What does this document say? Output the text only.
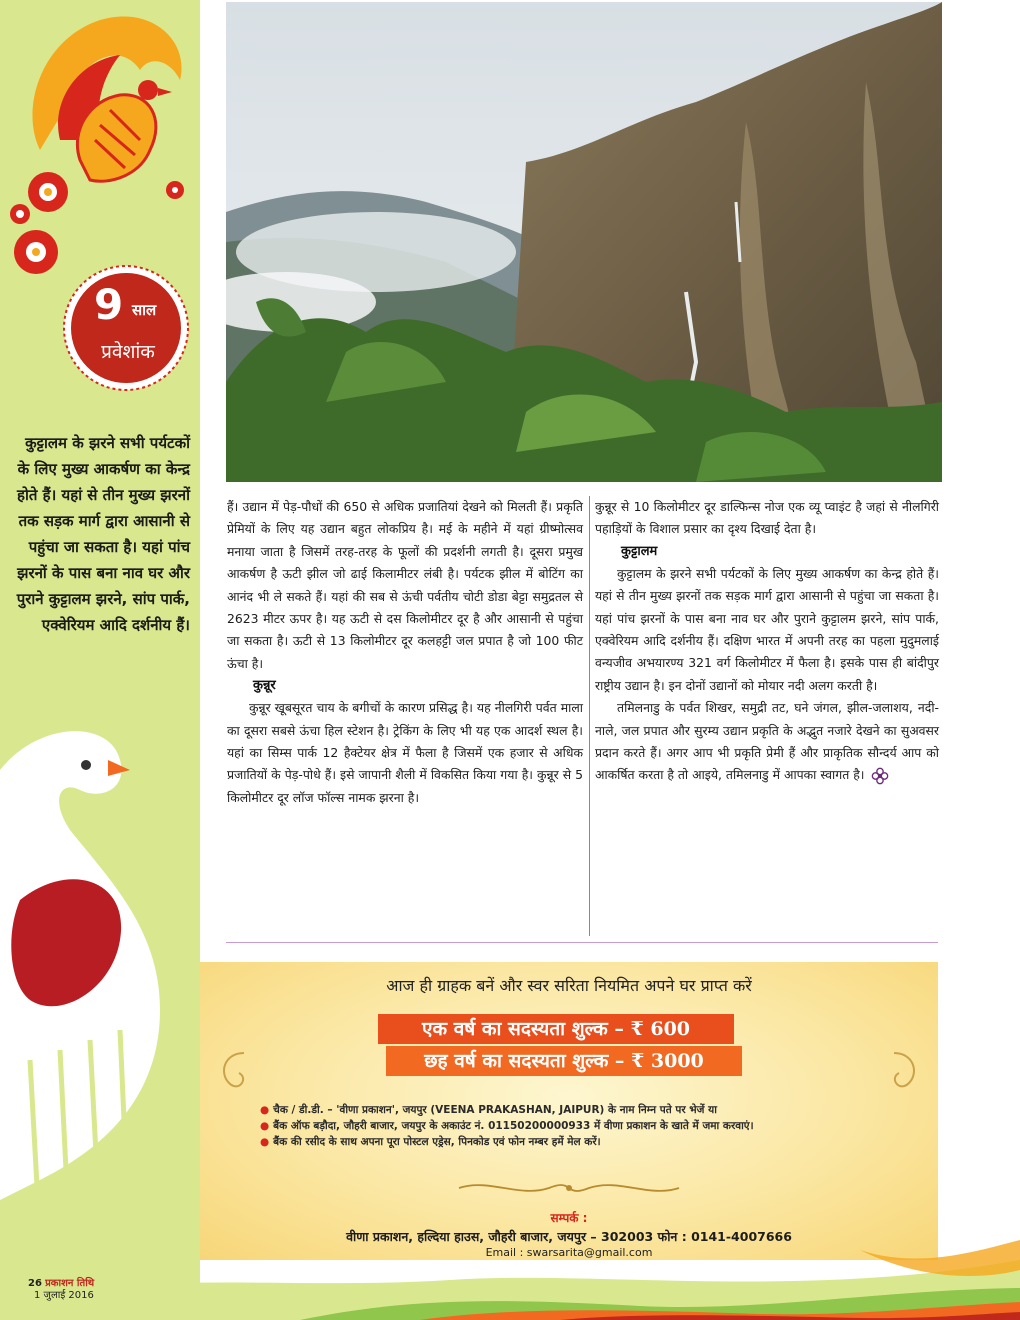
9 साल
प्रवेशांक
कुट्टालम के झरने सभी पर्यटकों के लिए मुख्य आकर्षण का केन्द्र होते हैं। यहां से तीन मुख्य झरनों तक सड़क मार्ग द्वारा आसानी से पहुंचा जा सकता है। यहां पांच झरनों के पास बना नाव घर और पुराने कुट्टालम झरने, सांप पार्क, एक्वेरियम आदि दर्शनीय हैं।

हैं। उद्यान में पेड़-पौधों की 650 से अधिक प्रजातियां देखने को मिलती हैं। प्रकृति प्रेमियों के लिए यह उद्यान बहुत लोकप्रिय है। मई के महीने में यहां ग्रीष्मोत्सव मनाया जाता है जिसमें तरह-तरह के फूलों की प्रदर्शनी लगती है। दूसरा प्रमुख आकर्षण है ऊटी झील जो ढाई किलामीटर लंबी है। पर्यटक झील में बोटिंग का आनंद भी ले सकते हैं। यहां की सब से ऊंची पर्वतीय चोटी डोडा बेट्टा समुद्रतल से 2623 मीटर ऊपर है। यह ऊटी से दस किलोमीटर दूर है और आसानी से पहुंचा जा सकता है। ऊटी से 13 किलोमीटर दूर कलहट्टी जल प्रपात है जो 100 फीट ऊंचा है।

कुन्नूर

कुन्नूर खूबसूरत चाय के बगीचों के कारण प्रसिद्ध है। यह नीलगिरी पर्वत माला का दूसरा सबसे ऊंचा हिल स्टेशन है। ट्रेकिंग के लिए भी यह एक आदर्श स्थल है। यहां का सिम्स पार्क 12 हैक्टेयर क्षेत्र में फैला है जिसमें एक हजार से अधिक प्रजातियों के पेड़-पोधे हैं। इसे जापानी शैली में विकसित किया गया है। कुन्नूर से 5 किलोमीटर दूर लॉज फॉल्स नामक झरना है।

कुन्नूर से 10 किलोमीटर दूर डाल्फिन्स नोज एक व्यू प्वाइंट है जहां से नीलगिरी पहाड़ियों के विशाल प्रसार का दृश्य दिखाई देता है।

कुट्टालम

कुट्टालम के झरने सभी पर्यटकों के लिए मुख्य आकर्षण का केन्द्र होते हैं। यहां से तीन मुख्य झरनों तक सड़क मार्ग द्वारा आसानी से पहुंचा जा सकता है। यहां पांच झरनों के पास बना नाव घर और पुराने कुट्टालम झरने, सांप पार्क, एक्वेरियम आदि दर्शनीय हैं। दक्षिण भारत में अपनी तरह का पहला मुदुमलाई वन्यजीव अभयारण्य 321 वर्ग किलोमीटर में फैला है। इसके पास ही बांदीपुर राष्ट्रीय उद्यान है। इन दोनों उद्यानों को मोयार नदी अलग करती है।

तमिलनाडु के पर्वत शिखर, समुद्री तट, घने जंगल, झील-जलाशय, नदी-नाले, जल प्रपात और सुरम्य उद्यान प्रकृति के अद्भुत नजारे देखने का सुअवसर प्रदान करते हैं। अगर आप भी प्रकृति प्रेमी हैं और प्राकृतिक सौन्दर्य आप को आकर्षित करता है तो आइये, तमिलनाडु में आपका स्वागत है।

आज ही ग्राहक बनें और स्वर सरिता नियमित अपने घर प्राप्त करें
एक वर्ष का सदस्यता शुल्क – ₹ 600
छह वर्ष का सदस्यता शुल्क – ₹ 3000
● चैक / डी.डी. – 'वीणा प्रकाशन', जयपुर (VEENA PRAKASHAN, JAIPUR) के नाम निम्न पते पर भेजें या
● बैंक ऑफ बड़ौदा, जौहरी बाजार, जयपुर के अकाउंट नं. 01150200000933 में वीणा प्रकाशन के खाते में जमा करवाएं।
● बैंक की रसीद के साथ अपना पूरा पोस्टल एड्रेस, पिनकोड एवं फोन नम्बर हमें मेल करें।
सम्पर्क :
वीणा प्रकाशन, हल्दिया हाउस, जौहरी बाजार, जयपुर – 302003 फोन : 0141-4007666
Email : swarsarita@gmail.com
26 प्रकाशन तिथि
1 जुलाई 2016
